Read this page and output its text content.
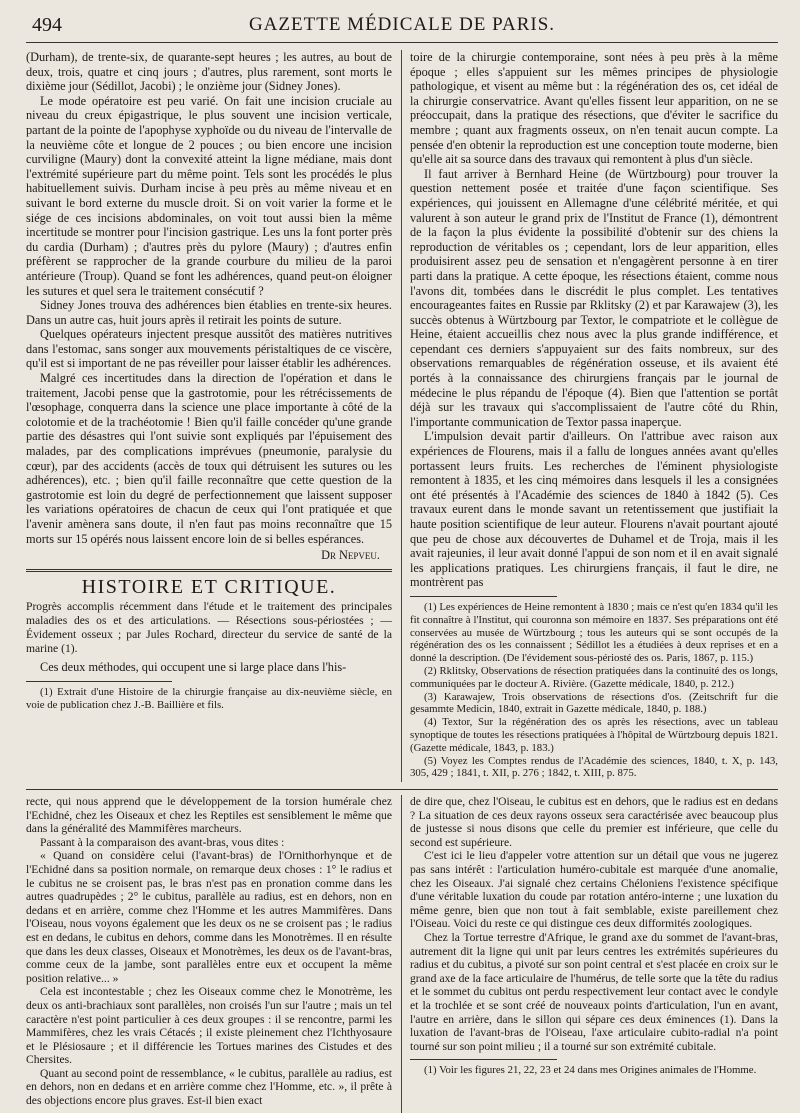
494	GAZETTE MÉDICALE DE PARIS.

(Durham), de trente-six, de quarante-sept heures ; les autres, au bout de deux, trois, quatre et cinq jours ; d'autres, plus rarement, sont morts le dixième jour (Sédillot, Jacobi) ; le onzième jour (Sidney Jones).

Le mode opératoire est peu varié. On fait une incision cruciale au niveau du creux épigastrique, le plus souvent une incision verticale, partant de la pointe de l'apophyse xyphoïde ou du niveau de l'intervalle de la neuvième côte et longue de 2 pouces ; ou bien encore une incision curviligne (Maury) dont la convexité atteint la ligne médiane, mais dont l'extrémité supérieure part du même point. Tels sont les procédés le plus habituellement suivis. Durham incise à peu près au même niveau et en suivant le bord externe du muscle droit. Si on voit varier la forme et le siége de ces incisions abdominales, on voit tout aussi bien la même incertitude se montrer pour l'incision gastrique. Les uns la font porter près du cardia (Durham) ; d'autres près du pylore (Maury) ; d'autres enfin préfèrent se rapprocher de la grande courbure du milieu de la paroi antérieure (Troup). Quand se font les adhérences, quand peut-on éloigner les sutures et quel sera le traitement consécutif ?

Sidney Jones trouva des adhérences bien établies en trente-six heures. Dans un autre cas, huit jours après il retirait les points de suture.

Quelques opérateurs injectent presque aussitôt des matières nutritives dans l'estomac, sans songer aux mouvements péristaltiques de ce viscère, qu'il est si important de ne pas réveiller pour laisser établir les adhérences.

Malgré ces incertitudes dans la direction de l'opération et dans le traitement, Jacobi pense que la gastrotomie, pour les rétrécissements de l'œsophage, conquerra dans la science une place importante à côté de la colotomie et de la trachéotomie ! Bien qu'il faille concéder qu'une grande partie des désastres qui l'ont suivie sont expliqués par l'épuisement des malades, par des complications imprévues (pneumonie, paralysie du cœur), par des accidents (accès de toux qui détruisent les sutures ou les adhérences), etc. ; bien qu'il faille reconnaître que cette question de la gastrotomie est loin du degré de perfectionnement que laissent supposer les variations opératoires de chacun de ceux qui l'ont pratiquée et que l'avenir amènera sans doute, il n'en faut pas moins reconnaître que 15 morts sur 15 opérés nous laissent encore loin de si belles espérances.

Dr Nepveu.
HISTOIRE ET CRITIQUE.
Progrès accomplis récemment dans l'étude et le traitement des principales maladies des os et des articulations. — Résections sous-périostées ; — Évidement osseux ; par Jules Rochard, directeur du service de santé de la marine (1).

Ces deux méthodes, qui occupent une si large place dans l'his-

(1) Extrait d'une Histoire de la chirurgie française au dix-neuvième siècle, en voie de publication chez J.-B. Baillière et fils.

toire de la chirurgie contemporaine, sont nées à peu près à la même époque ; elles s'appuient sur les mêmes principes de physiologie pathologique, et visent au même but : la régénération des os, cet idéal de la chirurgie conservatrice. Avant qu'elles fissent leur apparition, on ne se préoccupait, dans la pratique des résections, que d'éviter le sacrifice du membre ; quant aux fragments osseux, on n'en tenait aucun compte. La pensée d'en obtenir la reproduction est une conception toute moderne, bien qu'elle ait sa source dans des travaux qui remontent à plus d'un siècle.

Il faut arriver à Bernhard Heine (de Würtzbourg) pour trouver la question nettement posée et traitée d'une façon scientifique. Ses expériences, qui jouissent en Allemagne d'une célébrité méritée, et qui valurent à son auteur le grand prix de l'Institut de France (1), démontrent de la façon la plus évidente la possibilité d'obtenir sur des chiens la reproduction de véritables os ; cependant, lors de leur apparition, elles produisirent assez peu de sensation et n'engagèrent personne à en tirer parti dans la pratique. A cette époque, les résections étaient, comme nous l'avons dit, tombées dans le discrédit le plus complet. Les tentatives encourageantes faites en Russie par Rklitsky (2) et par Karawajew (3), les succès obtenus à Würtzbourg par Textor, le compatriote et le collègue de Heine, étaient accueillis chez nous avec la plus grande indifférence, et cependant ces derniers s'appuyaient sur des faits nombreux, sur des observations remarquables de régénération osseuse, et ils avaient été portés à la connaissance des chirurgiens français par le journal de médecine le plus répandu de l'époque (4). Bien que l'attention se portât déjà sur les travaux qui s'accomplissaient de l'autre côté du Rhin, l'importante communication de Textor passa inaperçue.

L'impulsion devait partir d'ailleurs. On l'attribue avec raison aux expériences de Flourens, mais il a fallu de longues années avant qu'elles portassent leurs fruits. Les recherches de l'éminent physiologiste remontent à 1835, et les cinq mémoires dans lesquels il les a consignées ont été présentés à l'Académie des sciences de 1840 à 1842 (5). Ces travaux eurent dans le monde savant un retentissement que justifiait la haute position scientifique de leur auteur. Flourens n'avait pourtant ajouté que peu de chose aux découvertes de Duhamel et de Troja, mais il les avait rajeunies, il leur avait donné l'appui de son nom et il en avait signalé les applications pratiques. Les chirurgiens français, il faut le dire, ne montrèrent pas

(1) Les expériences de Heine remontent à 1830 ; mais ce n'est qu'en 1834 qu'il les fit connaître à l'Institut, qui couronna son mémoire en 1837. Ses préparations ont été conservées au musée de Würtzbourg ; tous les auteurs qui se sont occupés de la régénération des os les connaissent ; Sédillot les a étudiées à deux reprises et en a donné la description. (De l'évidement sous-périosté des os. Paris, 1867, p. 115.)

(2) Rklitsky, Observations de résection pratiquées dans la continuité des os longs, communiquées par le docteur A. Rivière. (Gazette médicale, 1840, p. 212.)

(3) Karawajew, Trois observations de résections d'os. (Zeitschrift fur die gesammte Medicin, 1840, extrait in Gazette médicale, 1840, p. 188.)

(4) Textor, Sur la régénération des os après les résections, avec un tableau synoptique de toutes les résections pratiquées à l'hôpital de Würtzbourg depuis 1821. (Gazette médicale, 1843, p. 183.)

(5) Voyez les Comptes rendus de l'Académie des sciences, 1840, t. X, p. 143, 305, 429 ; 1841, t. XII, p. 276 ; 1842, t. XIII, p. 875.

recte, qui nous apprend que le développement de la torsion humérale chez l'Echidné, chez les Oiseaux et chez les Reptiles est sensiblement le même que dans la généralité des Mammifères marcheurs.

Passant à la comparaison des avant-bras, vous dites :

« Quand on considère celui (l'avant-bras) de l'Ornithorhynque et de l'Echidné dans sa position normale, on remarque deux choses : 1° le radius et le cubitus ne se croisent pas, le bras n'est pas en pronation comme dans les autres quadrupèdes ; 2° le cubitus, parallèle au radius, est en dehors, non en dedans et en arrière, comme chez l'Homme et les autres Mammifères. Dans l'Oiseau, nous voyons également que les deux os ne se croisent pas ; le radius est en dedans, le cubitus en dehors, comme dans les Monotrèmes. Il en résulte que dans les deux classes, Oiseaux et Monotrèmes, les deux os de l'avant-bras, comme ceux de la jambe, sont parallèles entre eux et occupent la même position relative... »

Cela est incontestable ; chez les Oiseaux comme chez le Monotrème, les deux os anti-brachiaux sont parallèles, non croisés l'un sur l'autre ; mais un tel caractère n'est point particulier à ces deux groupes : il se rencontre, parmi les Mammifères, chez les vrais Cétacés ; il existe pleinement chez l'Ichthyosaure et le Plésiosaure ; et il différencie les Tortues marines des Cistudes et des Chersites.

Quant au second point de ressemblance, « le cubitus, parallèle au radius, est en dehors, non en dedans et en arrière comme chez l'Homme, etc. », il prête à des objections encore plus graves. Est-il bien exact

de dire que, chez l'Oiseau, le cubitus est en dehors, que le radius est en dedans ? La situation de ces deux rayons osseux sera caractérisée avec beaucoup plus de justesse si nous disons que celle du premier est inférieure, que celle du second est supérieure.

C'est ici le lieu d'appeler votre attention sur un détail que vous ne jugerez pas sans intérêt : l'articulation huméro-cubitale est marquée d'une anomalie, chez les Oiseaux. J'ai signalé chez certains Chéloniens l'existence spécifique d'une véritable luxation du coude par rotation antéro-interne ; une luxation du même genre, bien que non tout à fait semblable, existe pareillement chez l'Oiseau. Voici du reste ce qui distingue ces deux difformités zoologiques.

Chez la Tortue terrestre d'Afrique, le grand axe du sommet de l'avant-bras, autrement dit la ligne qui unit par leurs centres les extrémités supérieures du radius et du cubitus, a pivoté sur son point central et s'est placée en croix sur le grand axe de la face articulaire de l'humérus, de telle sorte que la tête du radius et le sommet du cubitus ont perdu respectivement leur contact avec le condyle et la trochlée et se sont créé de nouveaux points d'articulation, l'un en avant, l'autre en arrière, dans le sillon qui sépare ces deux éminences (1). Dans la luxation de l'avant-bras de l'Oiseau, l'axe articulaire cubito-radial n'a point tourné sur son point milieu ; il a tourné sur son extrémité cubitale.

(1) Voir les figures 21, 22, 23 et 24 dans mes Origines animales de l'Homme.
